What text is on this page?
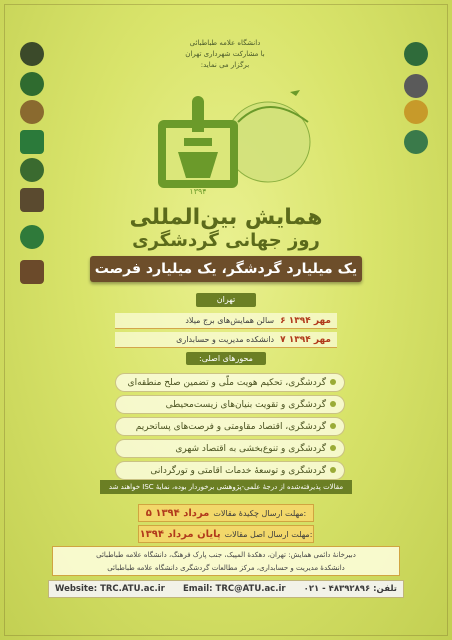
دانشگاه علامه طباطبائی
با مشارکت شهرداری تهران
برگزار می نماید:
۱۳۹۴
همایش بین‌المللی
روز جهانی گردشگری
یک میلیارد گردشگر، یک میلیارد فرصت
تهران
۶ مهر ۱۳۹۴
سالن همایش‌های برج میلاد
۷ مهر ۱۳۹۴
دانشکده مدیریت و حسابداری
محورهای اصلی:
گردشگری، تحکیم هویت ملّی و تضمین صلح منطقه‌ای
گردشگری و تقویت بنیان‌های زیست‌محیطی
گردشگری، اقتصاد مقاومتی و فرصت‌های پساتحریم
گردشگری و تنوع‌بخشی به اقتصاد شهری
گردشگری و توسعهٔ خدمات اقامتی و تورگردانی
مقالات پذیرفته‌شده از درجهٔ علمی-پژوهشی برخوردار بوده، نمایهٔ ISC خواهند شد
مهلت ارسال چکیدهٔ مقالات:
۵ مرداد ۱۳۹۴
مهلت ارسال اصل مقالات:
پایان مرداد ۱۳۹۴
دبیرخانهٔ دائمی همایش: تهران، دهکدهٔ المپیک، جنب پارک فرهنگ، دانشگاه علامه طباطبائی
دانشکدهٔ مدیریت و حسابداری، مرکز مطالعات گردشگری دانشگاه علامه طباطبائی
Website: TRC.ATU.ac.ir Email: TRC@ATU.ac.ir تلفن: ۴۸۳۹۲۸۹۶ - ۰۲۱
